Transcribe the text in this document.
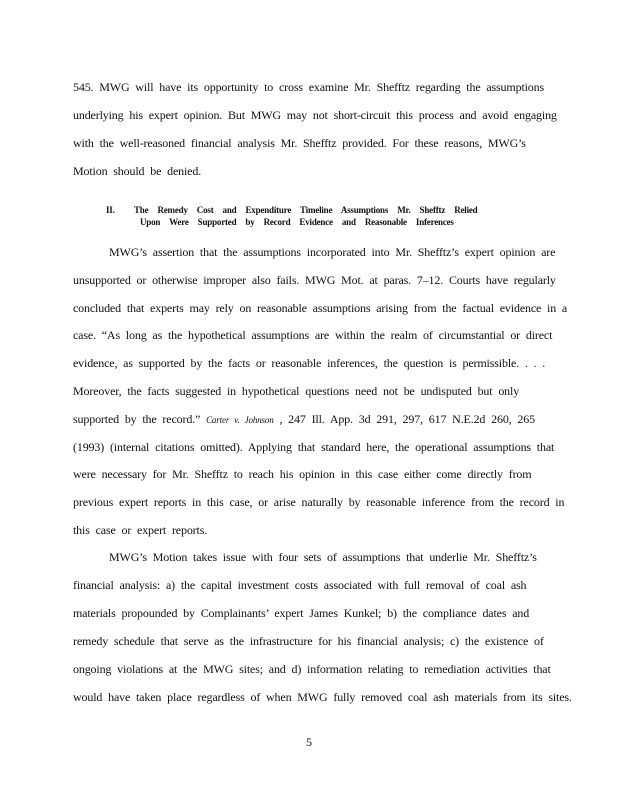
545. MWG will have its opportunity to cross examine Mr. Shefftz regarding the assumptions
underlying his expert opinion. But MWG may not short-circuit this process and avoid engaging
with the well-reasoned financial analysis Mr. Shefftz provided. For these reasons, MWG’s
Motion should be denied.
II. The Remedy Cost and Expenditure Timeline Assumptions Mr. Shefftz Relied
Upon Were Supported by Record Evidence and Reasonable Inferences
MWG’s assertion that the assumptions incorporated into Mr. Shefftz’s expert opinion are
unsupported or otherwise improper also fails. MWG Mot. at paras. 7–12. Courts have regularly
concluded that experts may rely on reasonable assumptions arising from the factual evidence in a
case. “As long as the hypothetical assumptions are within the realm of circumstantial or direct
evidence, as supported by the facts or reasonable inferences, the question is permissible. . . .
Moreover, the facts suggested in hypothetical questions need not be undisputed but only
supported by the record.” Carter v. Johnson , 247 Ill. App. 3d 291, 297, 617 N.E.2d 260, 265
(1993) (internal citations omitted). Applying that standard here, the operational assumptions that
were necessary for Mr. Shefftz to reach his opinion in this case either come directly from
previous expert reports in this case, or arise naturally by reasonable inference from the record in
this case or expert reports.
MWG’s Motion takes issue with four sets of assumptions that underlie Mr. Shefftz’s
financial analysis: a) the capital investment costs associated with full removal of coal ash
materials propounded by Complainants’ expert James Kunkel; b) the compliance dates and
remedy schedule that serve as the infrastructure for his financial analysis; c) the existence of
ongoing violations at the MWG sites; and d) information relating to remediation activities that
would have taken place regardless of when MWG fully removed coal ash materials from its sites.
5
